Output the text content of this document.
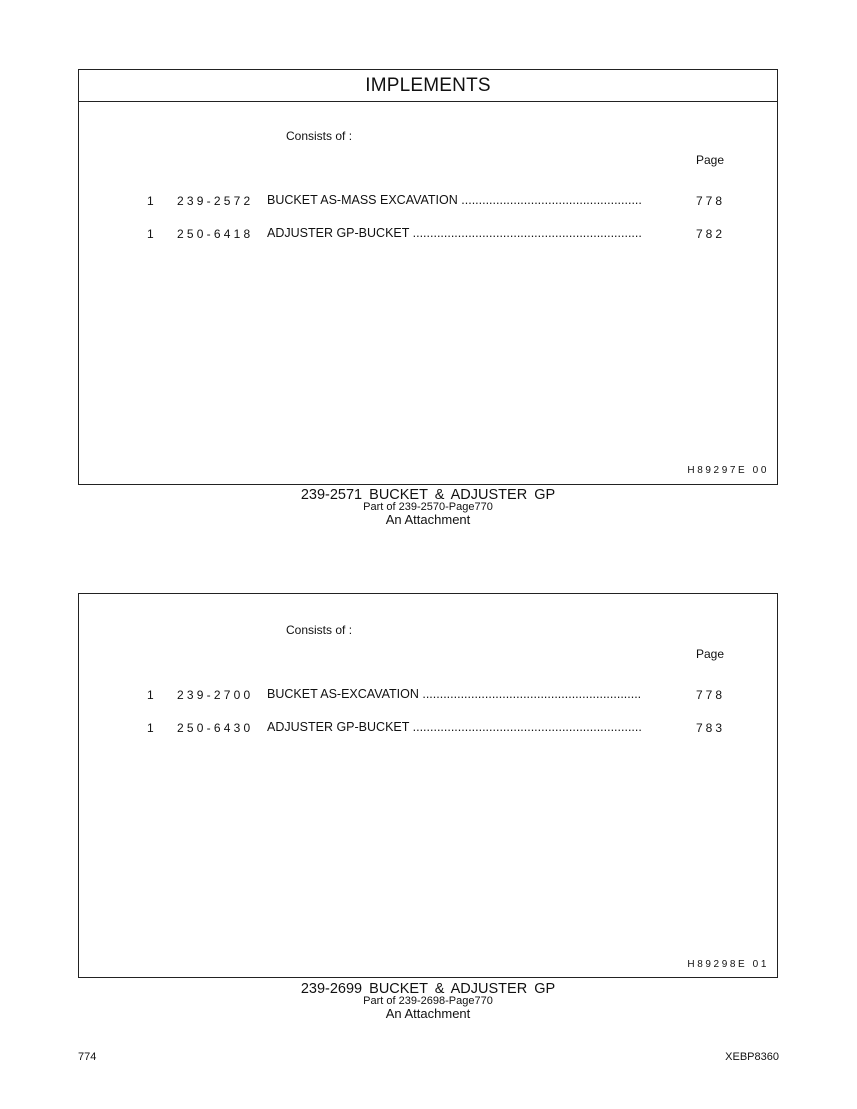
IMPLEMENTS
Consists of :
Page
1 239-2572 BUCKET AS-MASS EXCAVATION .....	778
1 250-6418 ADJUSTER GP-BUCKET .....	782
H89297E 00
239-2571 BUCKET & ADJUSTER GP
Part of 239-2570-Page770
An Attachment
Consists of :
Page
1 239-2700 BUCKET AS-EXCAVATION .....	778
1 250-6430 ADJUSTER GP-BUCKET .....	783
H89298E 01
239-2699 BUCKET & ADJUSTER GP
Part of 239-2698-Page770
An Attachment
774	XEBP8360
